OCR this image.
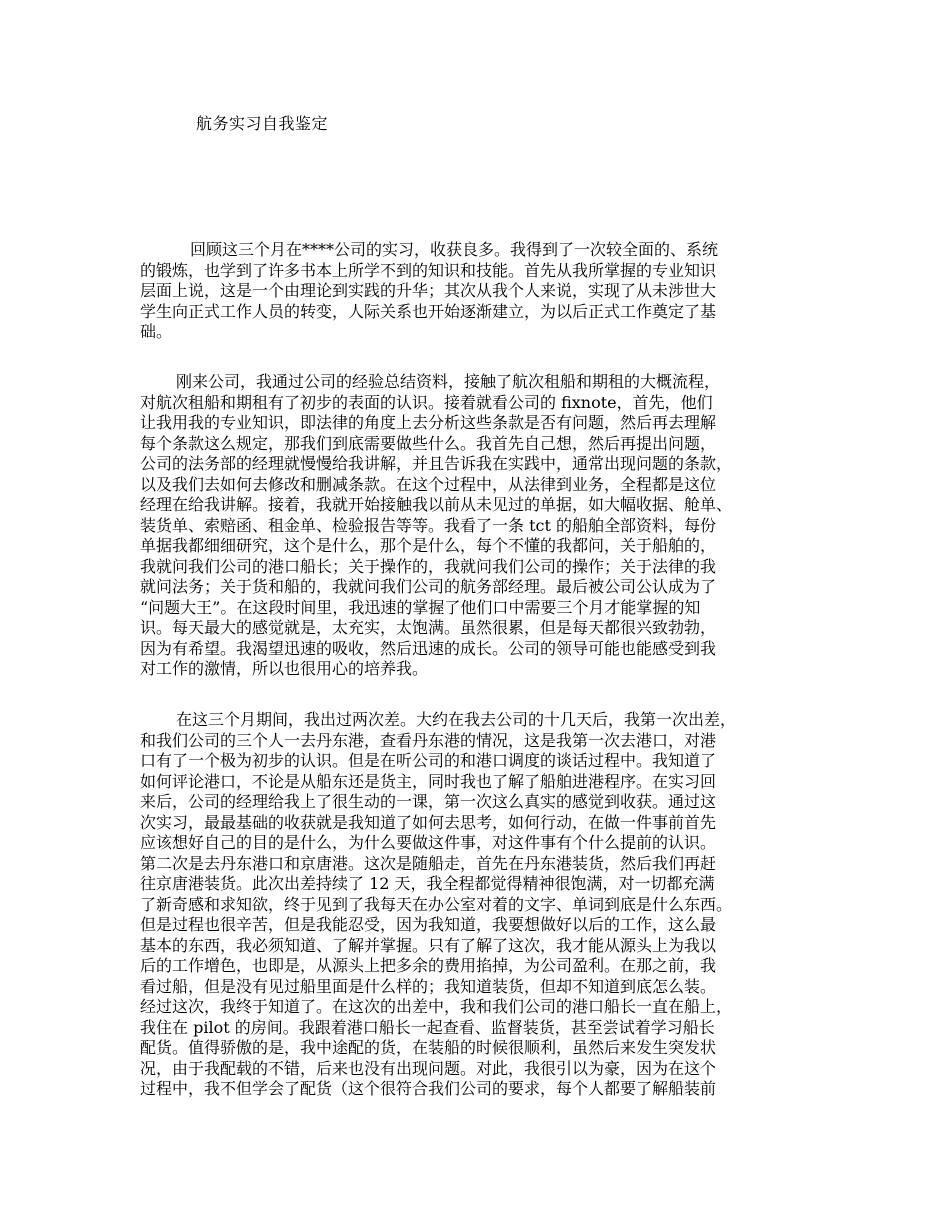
航务实习自我鉴定
回顾这三个月在****公司的实习，收获良多。我得到了一次较全面的、系统
的锻炼，也学到了许多书本上所学不到的知识和技能。首先从我所掌握的专业知识
层面上说，这是一个由理论到实践的升华；其次从我个人来说，实现了从未涉世大
学生向正式工作人员的转变，人际关系也开始逐渐建立，为以后正式工作奠定了基
础。
刚来公司，我通过公司的经验总结资料，接触了航次租船和期租的大概流程，
对航次租船和期租有了初步的表面的认识。接着就看公司的 fixnote，首先，他们
让我用我的专业知识，即法律的角度上去分析这些条款是否有问题，然后再去理解
每个条款这么规定，那我们到底需要做些什么。我首先自己想，然后再提出问题，
公司的法务部的经理就慢慢给我讲解，并且告诉我在实践中，通常出现问题的条款，
以及我们去如何去修改和删减条款。在这个过程中，从法律到业务，全程都是这位
经理在给我讲解。接着，我就开始接触我以前从未见过的单据，如大幅收据、舱单、
装货单、索赔函、租金单、检验报告等等。我看了一条 tct 的船舶全部资料，每份
单据我都细细研究，这个是什么，那个是什么，每个不懂的我都问，关于船舶的，
我就问我们公司的港口船长；关于操作的，我就问我们公司的操作；关于法律的我
就问法务；关于货和船的，我就问我们公司的航务部经理。最后被公司公认成为了
“问题大王”。在这段时间里，我迅速的掌握了他们口中需要三个月才能掌握的知
识。每天最大的感觉就是，太充实，太饱满。虽然很累，但是每天都很兴致勃勃，
因为有希望。我渴望迅速的吸收，然后迅速的成长。公司的领导可能也能感受到我
对工作的激情，所以也很用心的培养我。
在这三个月期间，我出过两次差。大约在我去公司的十几天后，我第一次出差，
和我们公司的三个人一去丹东港，查看丹东港的情况，这是我第一次去港口，对港
口有了一个极为初步的认识。但是在听公司的和港口调度的谈话过程中。我知道了
如何评论港口，不论是从船东还是货主，同时我也了解了船舶进港程序。在实习回
来后，公司的经理给我上了很生动的一课，第一次这么真实的感觉到收获。通过这
次实习，最最基础的收获就是我知道了如何去思考，如何行动，在做一件事前首先
应该想好自己的目的是什么，为什么要做这件事，对这件事有个什么提前的认识。
第二次是去丹东港口和京唐港。这次是随船走，首先在丹东港装货，然后我们再赶
往京唐港装货。此次出差持续了 12 天，我全程都觉得精神很饱满，对一切都充满
了新奇感和求知欲，终于见到了我每天在办公室对着的文字、单词到底是什么东西。
但是过程也很辛苦，但是我能忍受，因为我知道，我要想做好以后的工作，这么最
基本的东西，我必须知道、了解并掌握。只有了解了这次，我才能从源头上为我以
后的工作增色，也即是，从源头上把多余的费用掐掉，为公司盈利。在那之前，我
看过船，但是没有见过船里面是什么样的；我知道装货，但却不知道到底怎么装。
经过这次，我终于知道了。在这次的出差中，我和我们公司的港口船长一直在船上，
我住在 pilot 的房间。我跟着港口船长一起查看、监督装货，甚至尝试着学习船长
配货。值得骄傲的是，我中途配的货，在装船的时候很顺利，虽然后来发生突发状
况，由于我配载的不错，后来也没有出现问题。对此，我很引以为豪，因为在这个
过程中，我不但学会了配货（这个很符合我们公司的要求，每个人都要了解船装前
